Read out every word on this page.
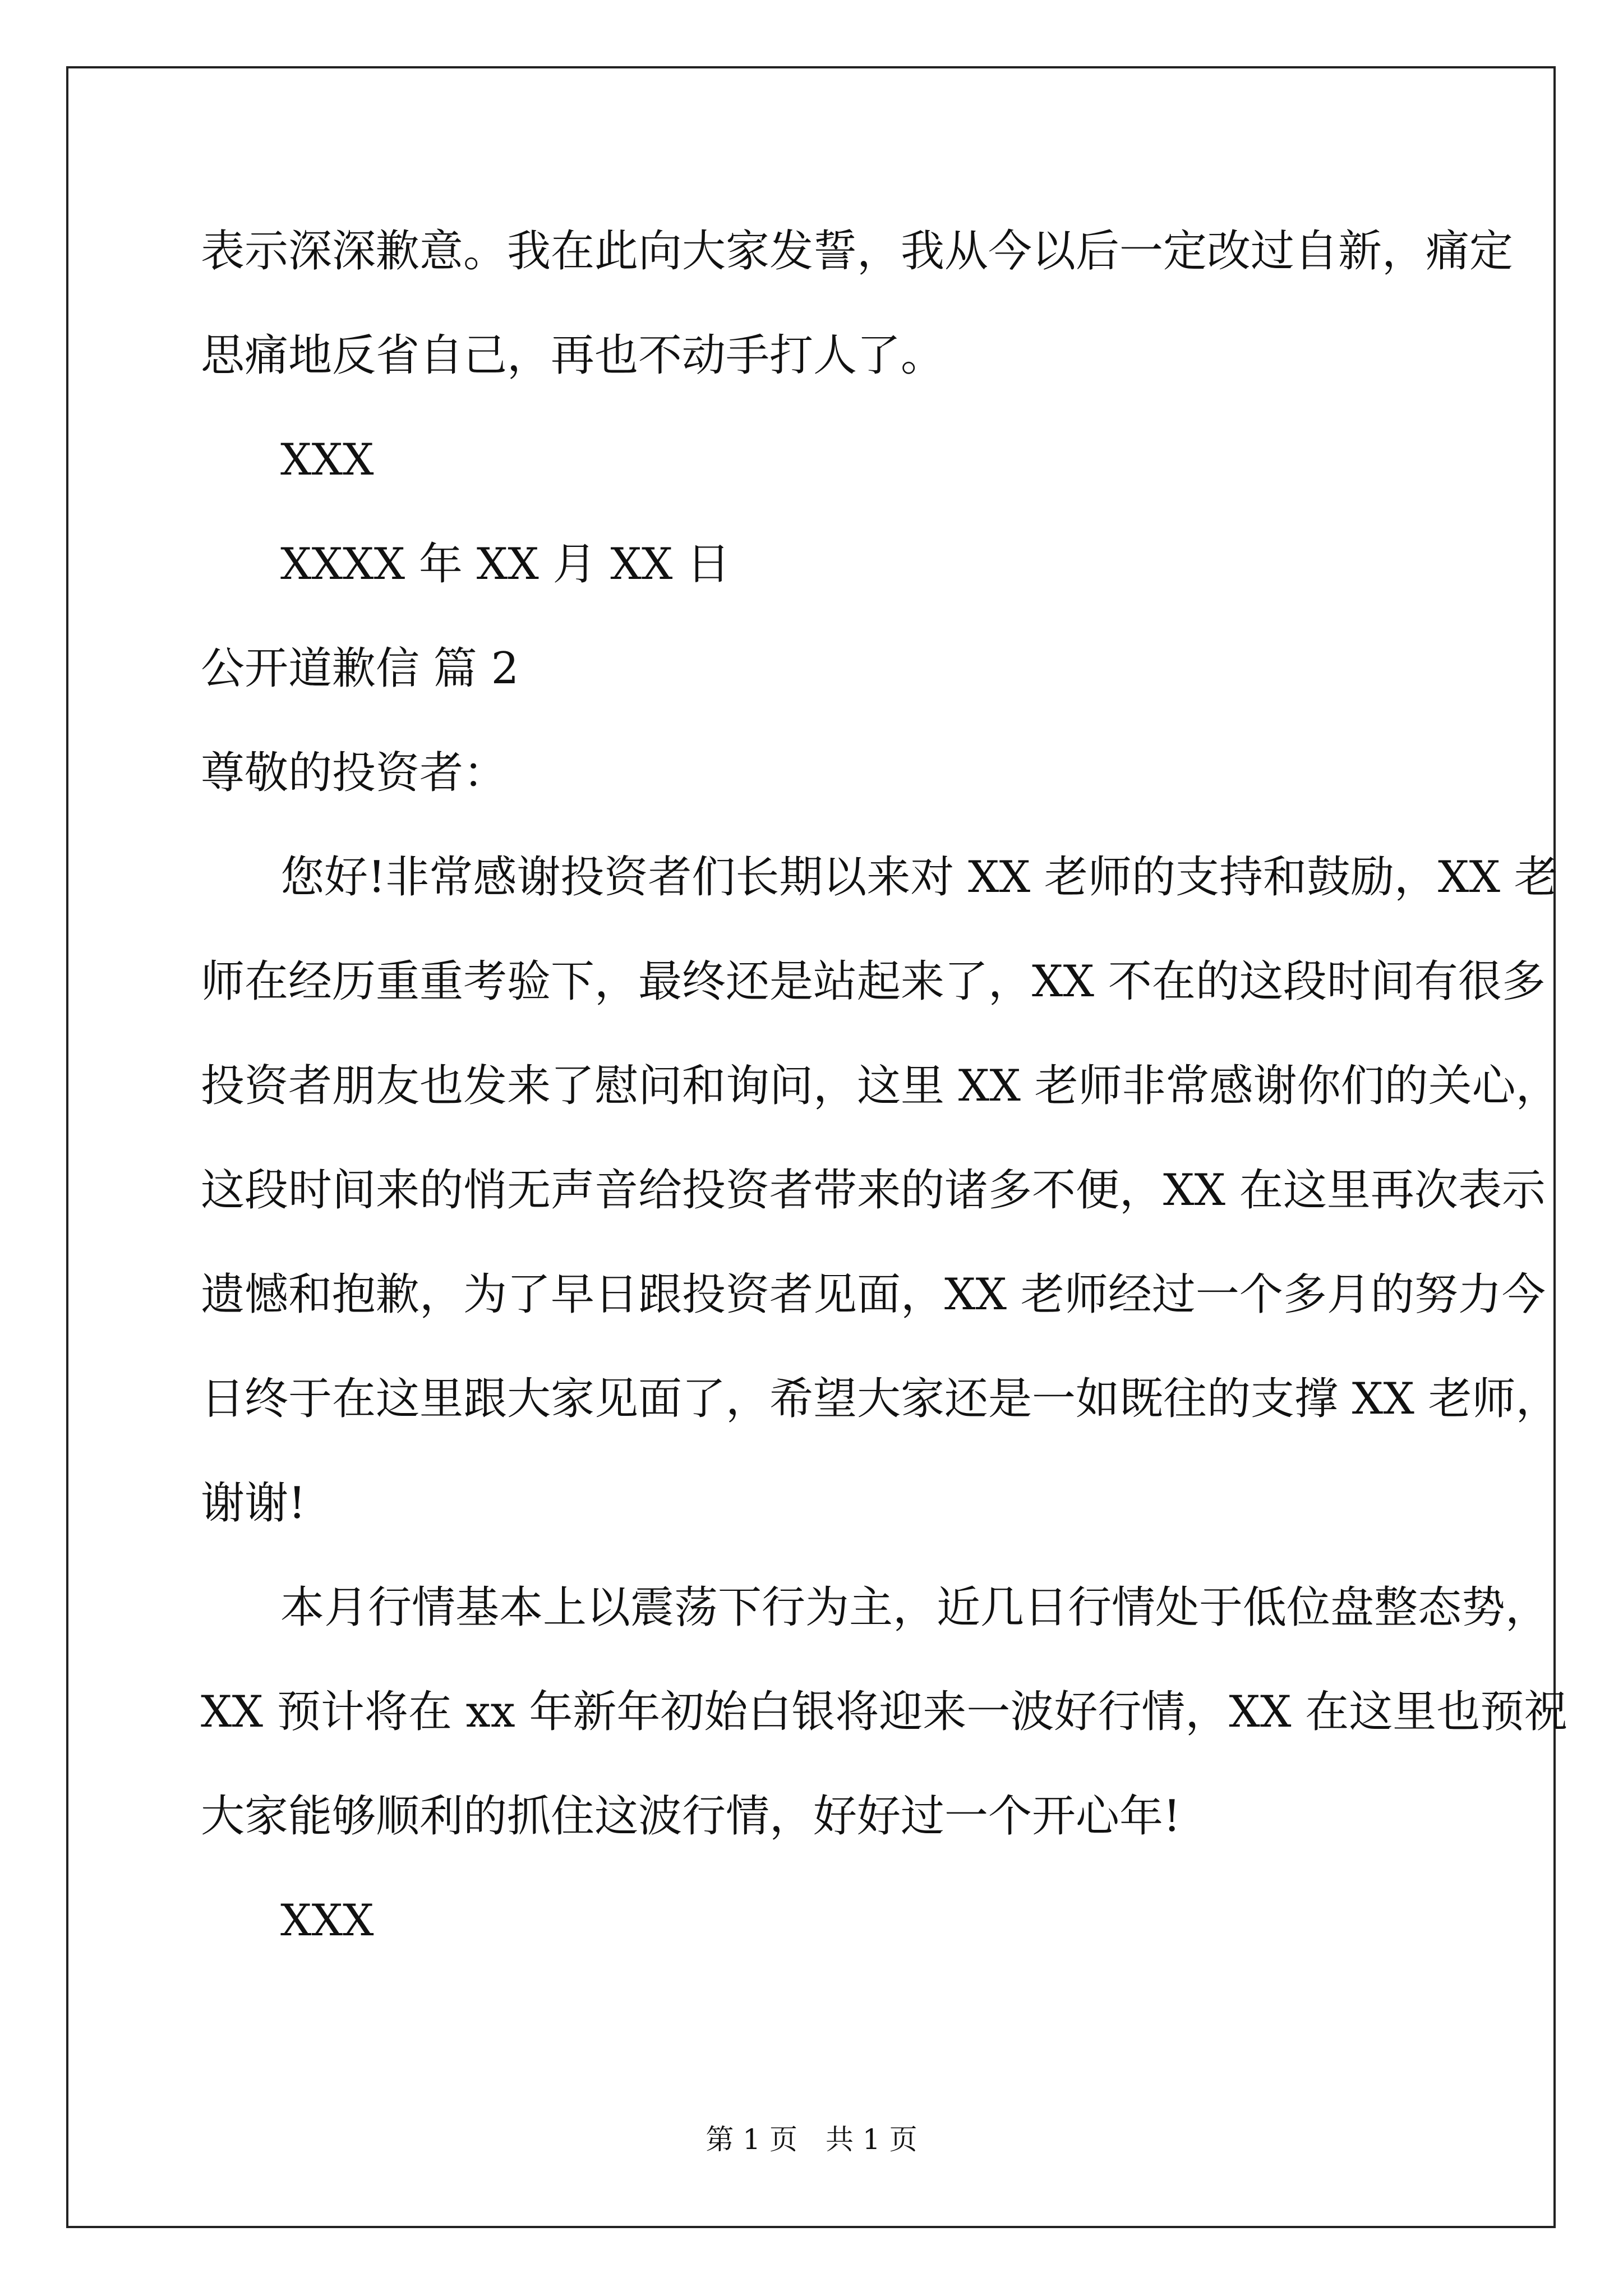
表示深深歉意。我在此向大家发誓，我从今以后一定改过自新，痛定
思痛地反省自己，再也不动手打人了。
XXX
XXXX 年 XX 月 XX 日
公开道歉信 篇 2
尊敬的投资者：
您好!非常感谢投资者们长期以来对 XX 老师的支持和鼓励，XX 老
师在经历重重考验下，最终还是站起来了，XX 不在的这段时间有很多
投资者朋友也发来了慰问和询问，这里 XX 老师非常感谢你们的关心，
这段时间来的悄无声音给投资者带来的诸多不便，XX 在这里再次表示
遗憾和抱歉，为了早日跟投资者见面，XX 老师经过一个多月的努力今
日终于在这里跟大家见面了，希望大家还是一如既往的支撑 XX 老师，
谢谢!
本月行情基本上以震荡下行为主，近几日行情处于低位盘整态势，
XX 预计将在 xx 年新年初始白银将迎来一波好行情，XX 在这里也预祝
大家能够顺利的抓住这波行情，好好过一个开心年!
XXX
第 1 页　共 1 页
